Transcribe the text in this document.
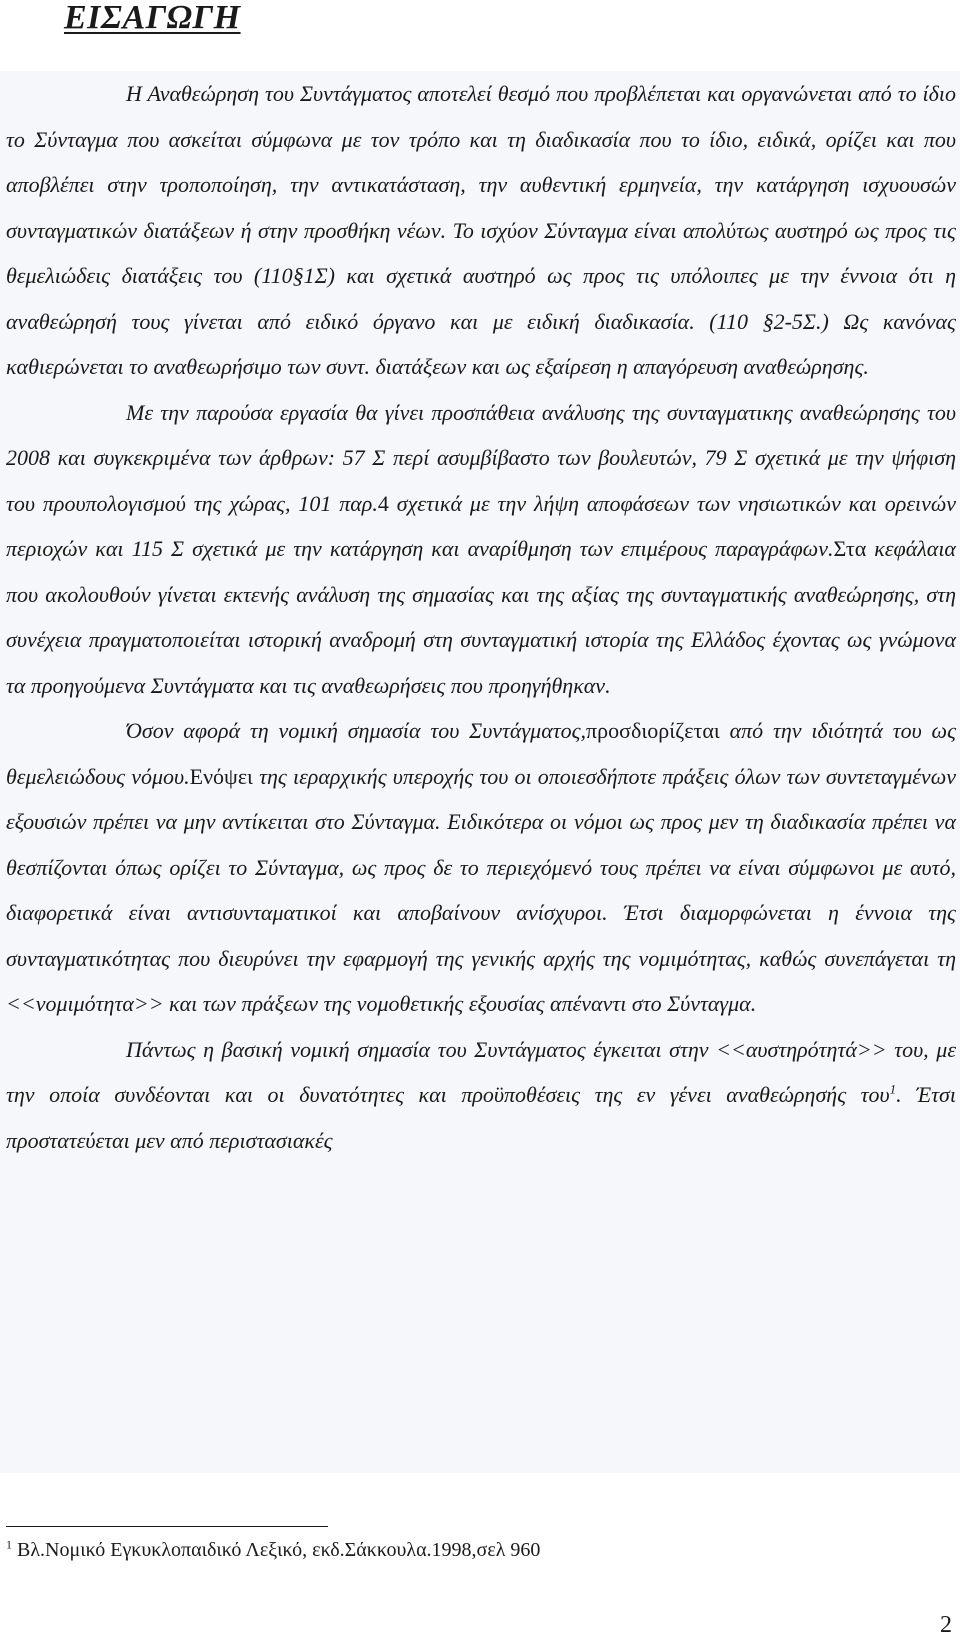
ΕΙΣΑΓΩΓΗ

Η Αναθεώρηση του Συντάγματος αποτελεί θεσμό που προβλέπεται και οργανώνεται από το ίδιο το Σύνταγμα που ασκείται σύμφωνα με τον τρόπο και τη διαδικασία που το ίδιο, ειδικά, ορίζει και που αποβλέπει στην τροποποίηση, την αντικατάσταση, την αυθεντική ερμηνεία, την κατάργηση ισχυουσών συνταγματικών διατάξεων ή στην προσθήκη νέων. Το ισχύον Σύνταγμα είναι απολύτως αυστηρό ως προς τις θεμελιώδεις διατάξεις του (110§1Σ) και σχετικά αυστηρό ως προς τις υπόλοιπες με την έννοια ότι η αναθεώρησή τους γίνεται από ειδικό όργανο και με ειδική διαδικασία. (110 §2-5Σ.) Ως κανόνας καθιερώνεται το αναθεωρήσιμο των συντ. διατάξεων και ως εξαίρεση η απαγόρευση αναθεώρησης.

Με την παρούσα εργασία θα γίνει προσπάθεια ανάλυσης της συνταγματικης αναθεώρησης του 2008 και συγκεκριμένα των άρθρων: 57 Σ περί ασυμβίβαστο των βουλευτών, 79 Σ σχετικά με την ψήφιση του προυπολογισμού της χώρας, 101 παρ.4 σχετικά με την λήψη αποφάσεων των νησιωτικών και ορεινών περιοχών και 115 Σ σχετικά με την κατάργηση και αναρίθμηση των επιμέρους παραγράφων.Στα κεφάλαια που ακολουθούν γίνεται εκτενής ανάλυση της σημασίας και της αξίας της συνταγματικής αναθεώρησης, στη συνέχεια πραγματοποιείται ιστορική αναδρομή στη συνταγματική ιστορία της Ελλάδος έχοντας ως γνώμονα τα προηγούμενα Συντάγματα και τις αναθεωρήσεις που προηγήθηκαν.

Όσον αφορά τη νομική σημασία του Συντάγματος,προσδιορίζεται από την ιδιότητά του ως θεμελειώδους νόμου.Ενόψει της ιεραρχικής υπεροχής του οι οποιεσδήποτε πράξεις όλων των συντεταγμένων εξουσιών πρέπει να μην αντίκειται στο Σύνταγμα. Ειδικότερα οι νόμοι ως προς μεν τη διαδικασία πρέπει να θεσπίζονται όπως ορίζει το Σύνταγμα, ως προς δε το περιεχόμενό τους πρέπει να είναι σύμφωνοι με αυτό, διαφορετικά είναι αντισυνταματικοί και αποβαίνουν ανίσχυροι. Έτσι διαμορφώνεται η έννοια της συνταγματικότητας που διευρύνει την εφαρμογή της γενικής αρχής της νομιμότητας, καθώς συνεπάγεται τη <<νομιμότητα>> και των πράξεων της νομοθετικής εξουσίας απέναντι στο Σύνταγμα.

Πάντως η βασική νομική σημασία του Συντάγματος έγκειται στην <<αυστηρότητά>> του, με την οποία συνδέονται και οι δυνατότητες και προϋποθέσεις της εν γένει αναθεώρησής του$^1$. Έτσι προστατεύεται μεν από περιστασιακές

$^1$ Βλ.Νομικό Εγκυκλοπαιδικό Λεξικό, εκδ.Σάκκουλα.1998,σελ 960
2
